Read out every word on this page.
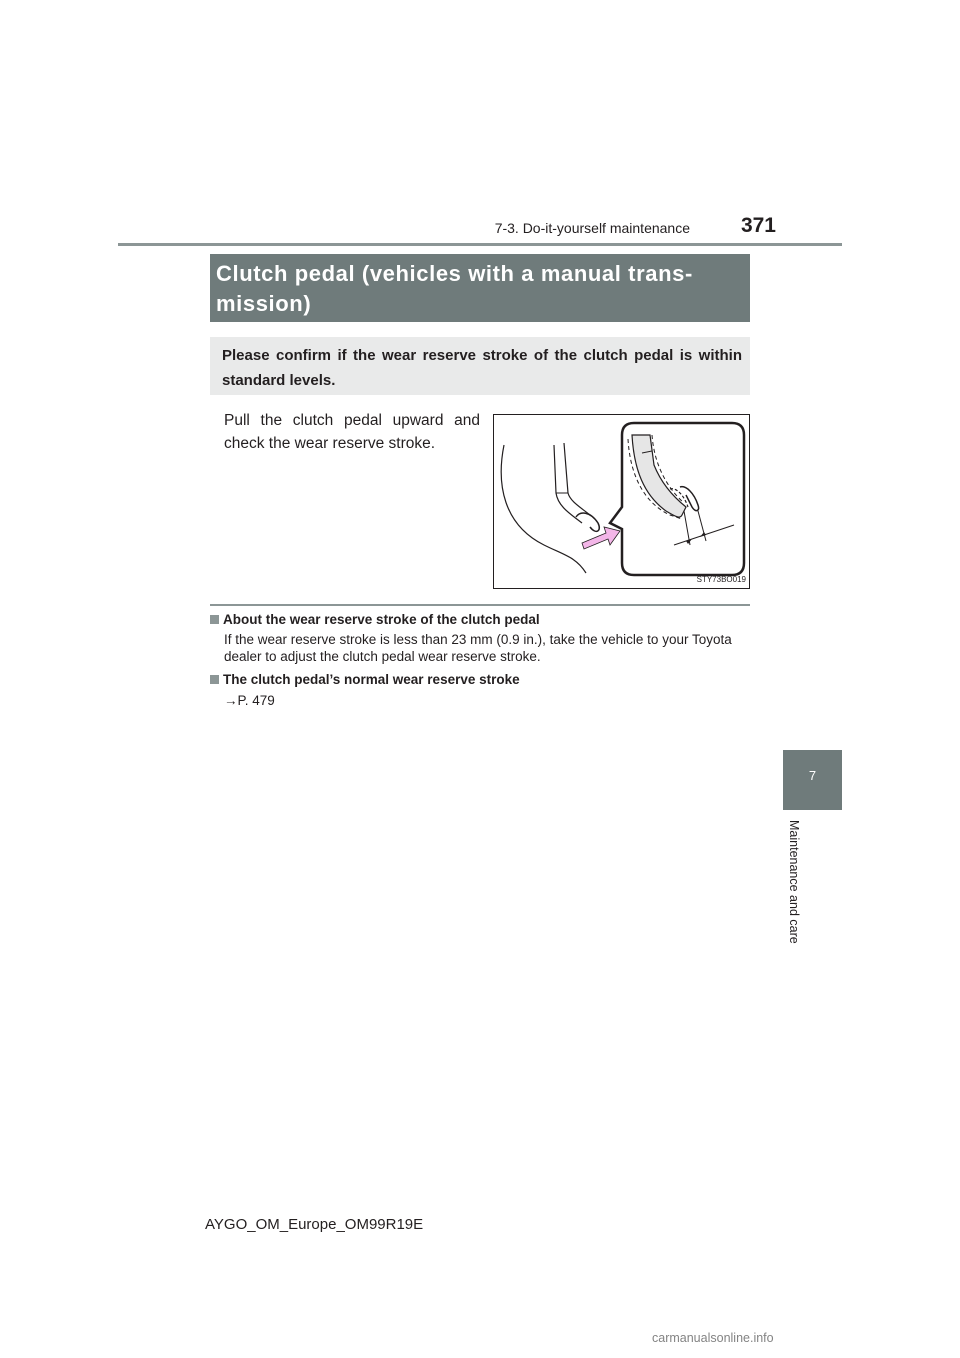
7-3. Do-it-yourself maintenance	371
Clutch pedal (vehicles with a manual trans-
mission)
Please confirm if the wear reserve stroke of the clutch pedal is within standard levels.
Pull the clutch pedal upward and check the wear reserve stroke.
STY73BO019
About the wear reserve stroke of the clutch pedal
If the wear reserve stroke is less than 23 mm (0.9 in.), take the vehicle to your Toyota dealer to adjust the clutch pedal wear reserve stroke.
The clutch pedal’s normal wear reserve stroke
→P. 479
7
Maintenance and care
AYGO_OM_Europe_OM99R19E
carmanualsonline.info
